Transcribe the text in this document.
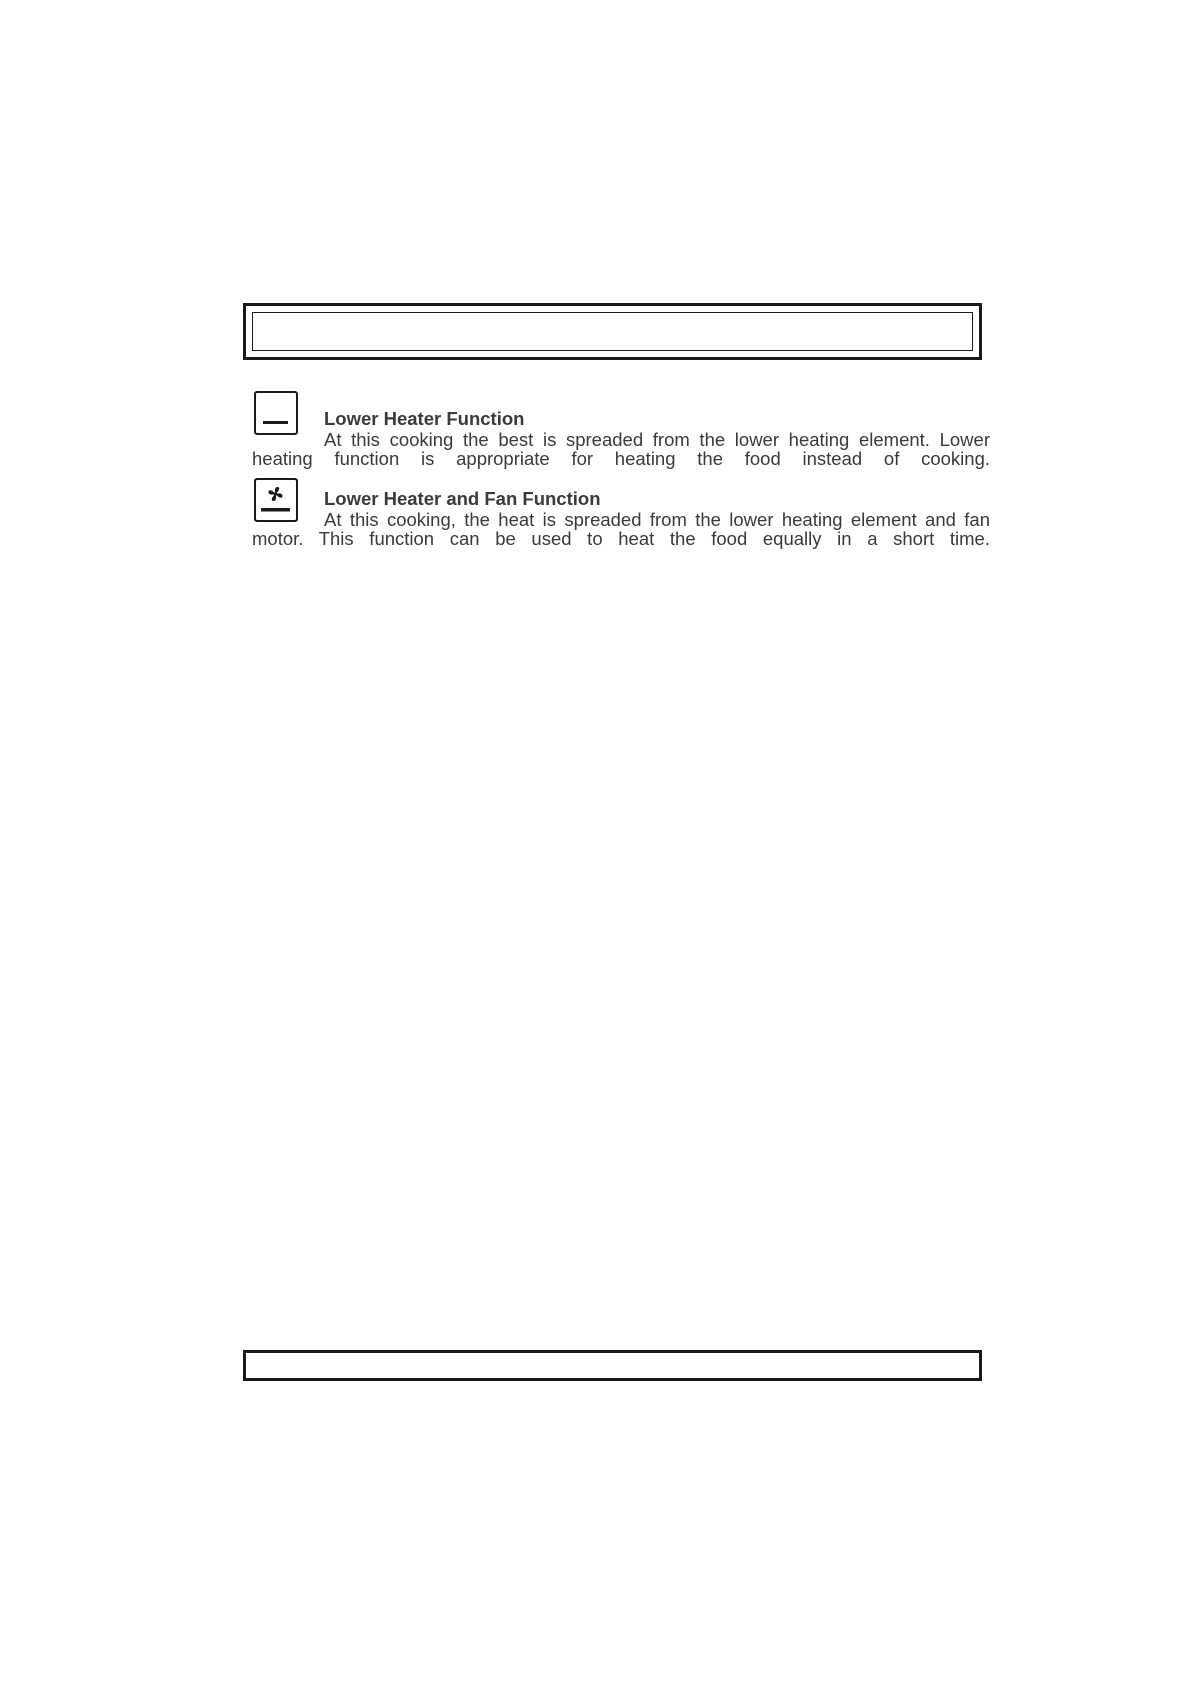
Lower Heater Function
At this cooking the best is spreaded from the lower heating element. Lower
heating function is appropriate for heating the food instead of cooking.
Lower Heater and Fan Function
At this cooking, the heat is spreaded from the lower heating element and fan
motor. This function can be used to heat the food equally in a short time.
